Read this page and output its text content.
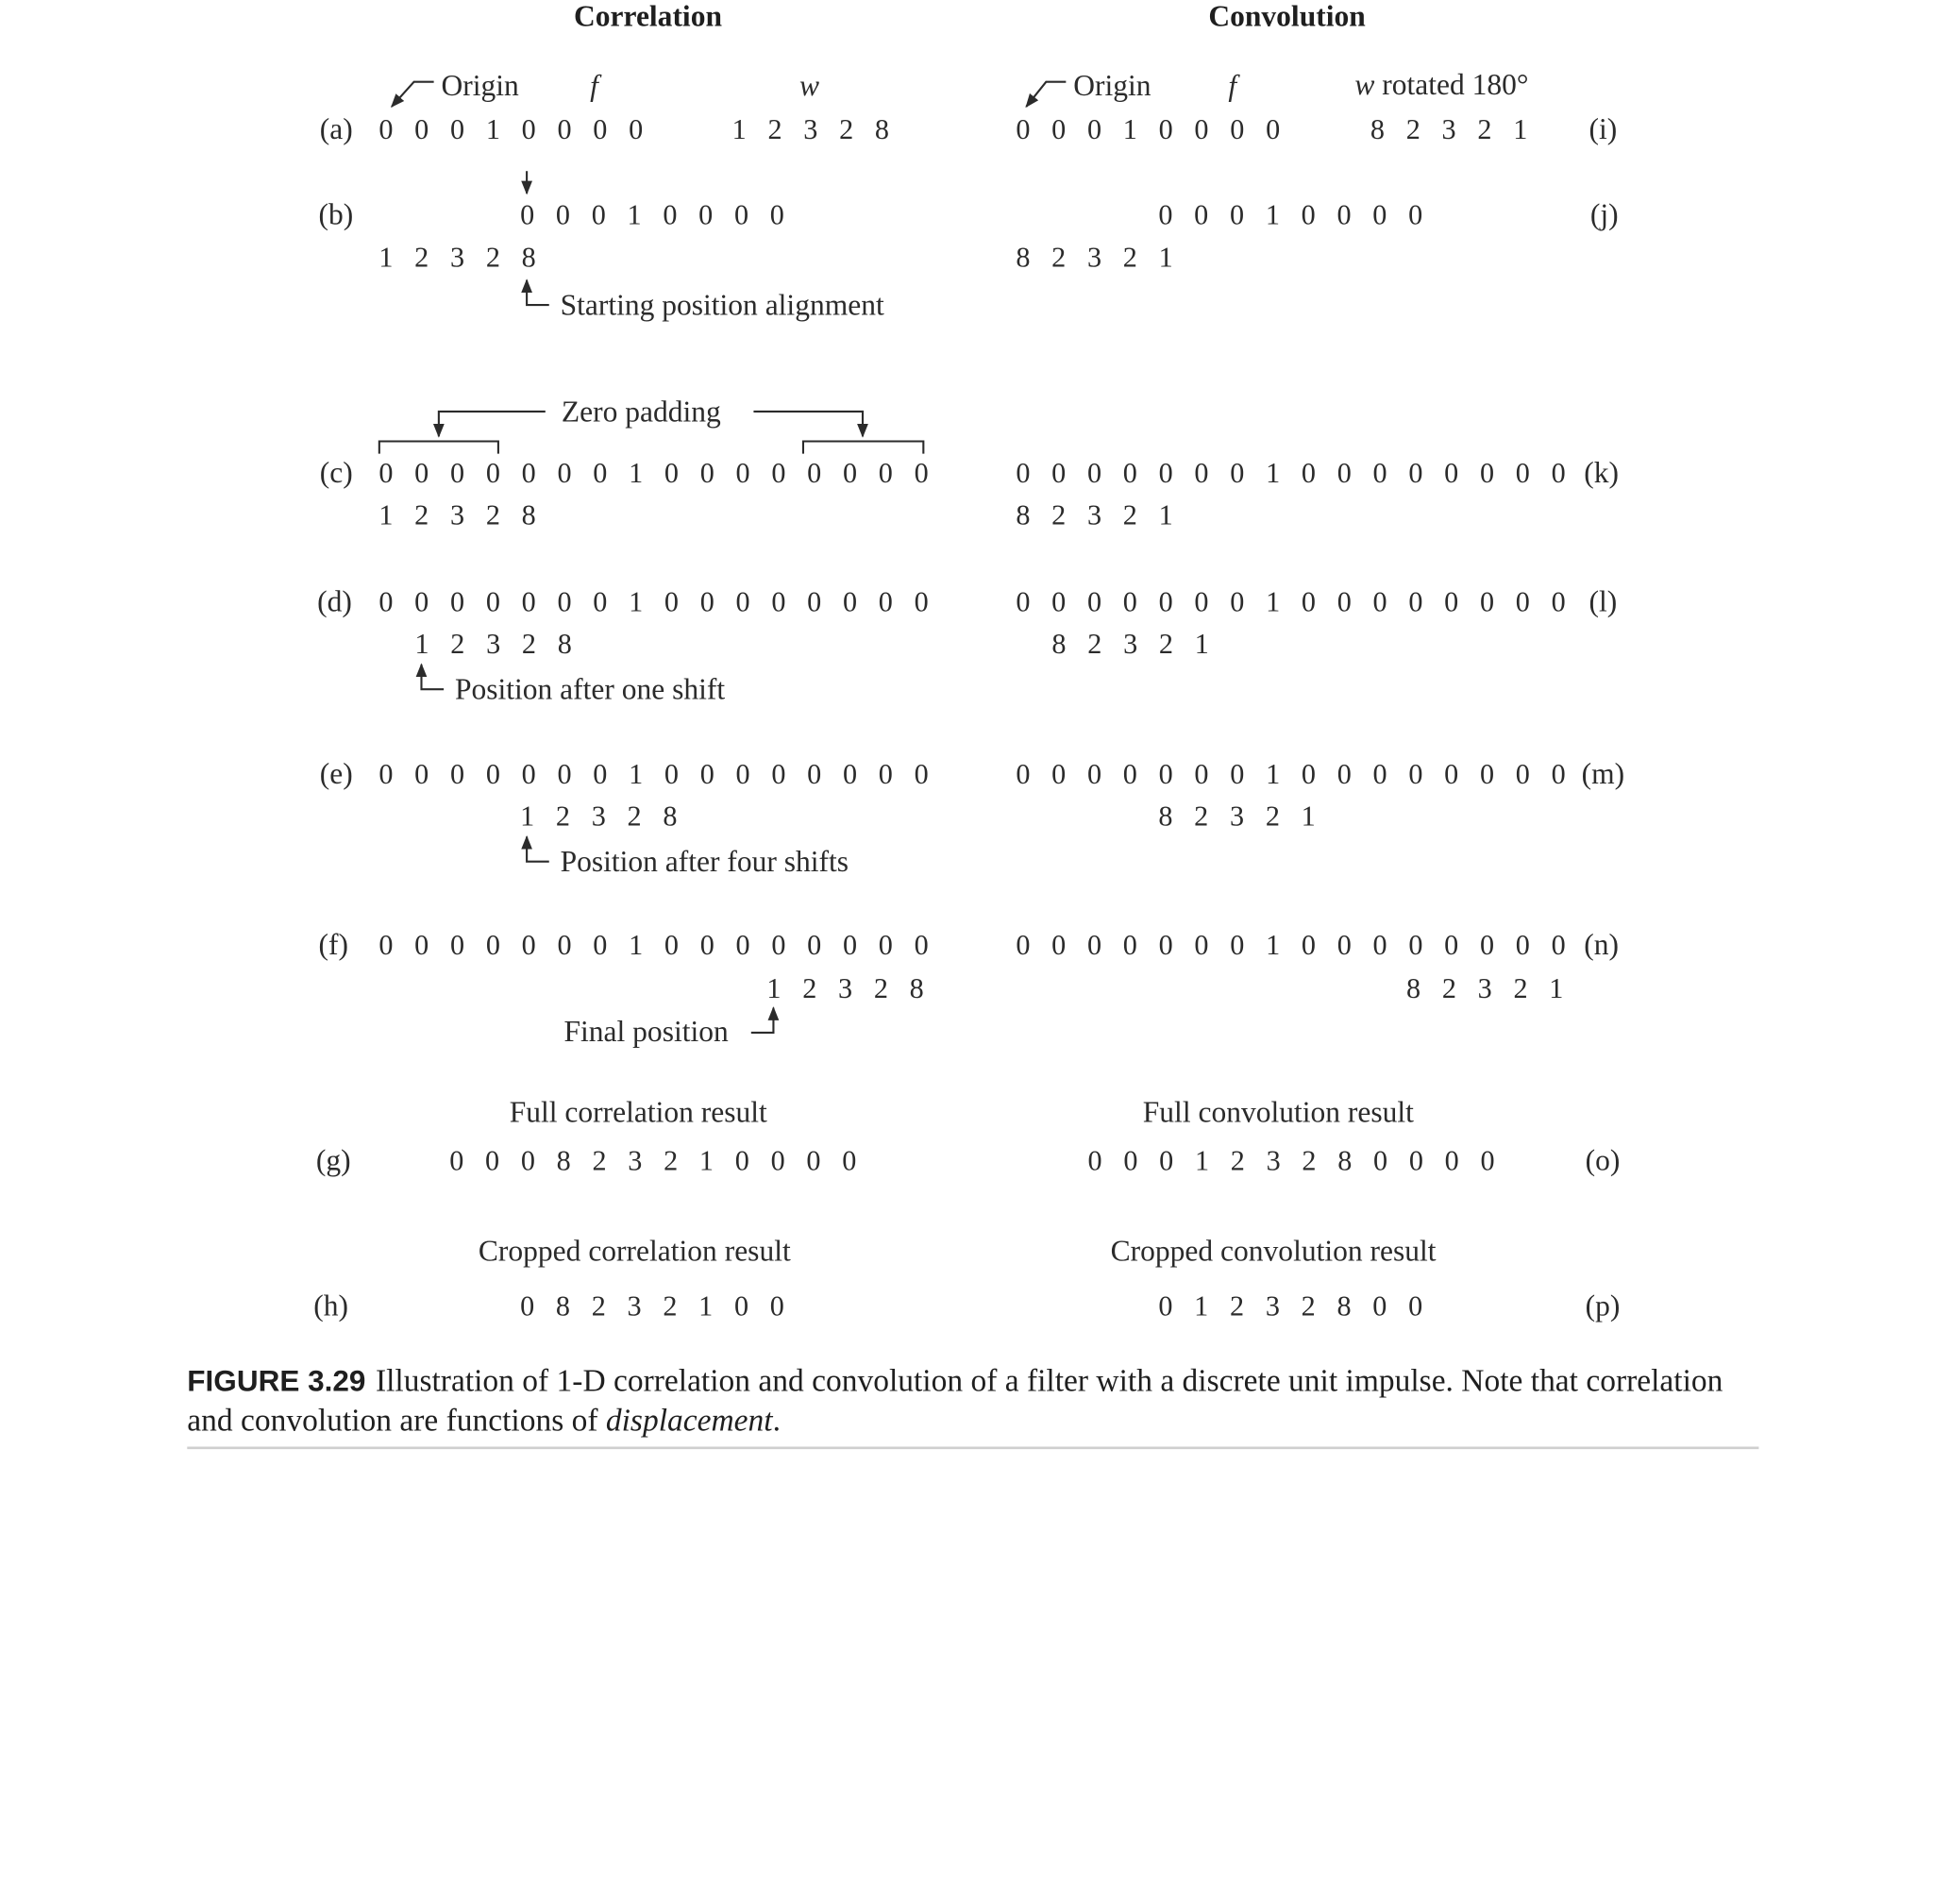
Correlation	Convolution
(a)
Origin	f	w
0 0 0 1 0 0 0 0	1 2 3 2 8
Origin	f	w rotated 180°
0 0 0 1 0 0 0 0	8 2 3 2 1	(i)
(b)	0 0 0 1 0 0 0 0
1 2 3 2 8
Starting position alignment
0 0 0 1 0 0 0 0
8 2 3 2 1
(j)
Zero padding
(c)	0 0 0 0 0 0 0 1 0 0 0 0 0 0 0 0
1 2 3 2 8
0 0 0 0 0 0 0 1 0 0 0 0 0 0 0 0
8 2 3 2 1
(k)
(d)	0 0 0 0 0 0 0 1 0 0 0 0 0 0 0 0
1 2 3 2 8
Position after one shift
0 0 0 0 0 0 0 1 0 0 0 0 0 0 0 0
8 2 3 2 1
(l)
(e)	0 0 0 0 0 0 0 1 0 0 0 0 0 0 0 0
1 2 3 2 8
Position after four shifts
0 0 0 0 0 0 0 1 0 0 0 0 0 0 0 0
8 2 3 2 1
(m)
(f)	0 0 0 0 0 0 0 1 0 0 0 0 0 0 0 0
1 2 3 2 8
Final position
0 0 0 0 0 0 0 1 0 0 0 0 0 0 0 0
8 2 3 2 1
(n)
Full correlation result
(g)	0 0 0 8 2 3 2 1 0 0 0 0
Full convolution result
0 0 0 1 2 3 2 8 0 0 0 0	(o)
Cropped correlation result
(h)	0 8 2 3 2 1 0 0
Cropped convolution result
0 1 2 3 2 8 0 0	(p)
FIGURE 3.29 Illustration of 1-D correlation and convolution of a filter with a discrete unit impulse. Note that correlation and convolution are functions of displacement.
